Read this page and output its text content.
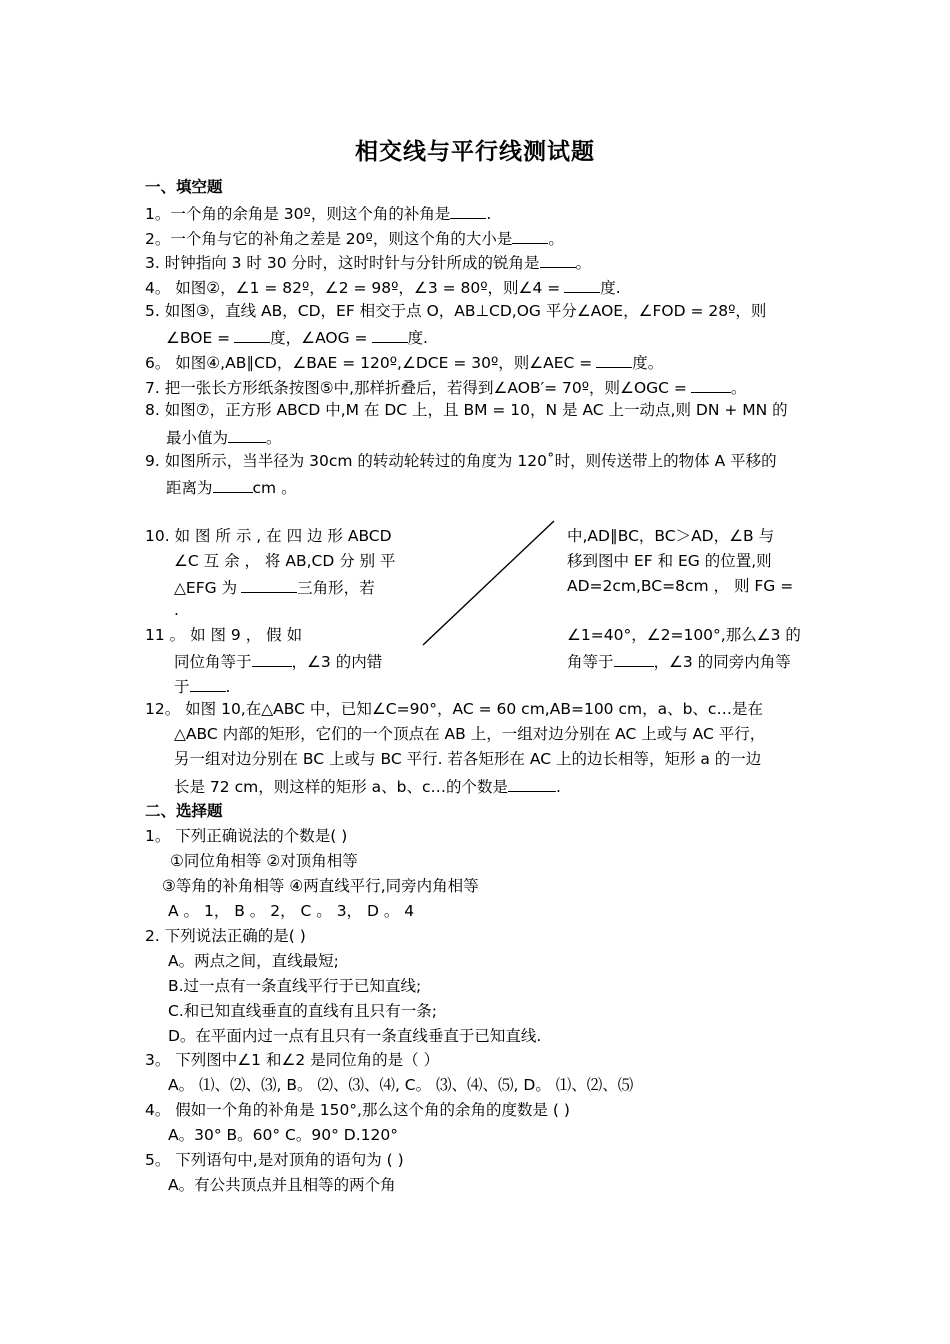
相交线与平行线测试题
一、填空题
1。一个角的余角是 30º，则这个角的补角是 .
2。一个角与它的补角之差是 20º，则这个角的大小是 。
3. 时钟指向 3 时 30 分时，这时时针与分针所成的锐角是 。
4。 如图②，∠1 = 82º，∠2 = 98º，∠3 = 80º，则∠4 =	度.
5. 如图③，直线 AB，CD，EF 相交于点 O，AB⊥CD,OG 平分∠AOE，∠FOD = 28º，则
∠BOE =	度，∠AOG =	度.
6。 如图④,AB∥CD，∠BAE = 120º,∠DCE = 30º，则∠AEC =	度。
7. 把一张长方形纸条按图⑤中,那样折叠后，若得到∠AOB′= 70º，则∠OGC =	。
8. 如图⑦，正方形 ABCD 中,M 在 DC 上，且 BM = 10，N 是 AC 上一动点,则 DN + MN 的
最小值为 。
9. 如图所示，当半径为 30cm 的转动轮转过的角度为 120˚时，则传送带上的物体 A 平移的
距离为	cm 。
10. 如 图 所 示 , 在 四 边 形 ABCD
∠C 互 余 ， 将 AB,CD 分 别 平
△EFG 为	三角形，若
.
11 。 如 图 9 ， 假 如
同位角等于	，∠3 的内错
于 .
中,AD∥BC，BC＞AD，∠B 与
移到图中 EF 和 EG 的位置,则
AD=2cm,BC=8cm ， 则 FG =
∠1=40°，∠2=100°,那么∠3 的
角等于	，∠3 的同旁内角等
12。 如图 10,在△ABC 中，已知∠C=90°，AC = 60 cm,AB=100 cm，a、b、c…是在
△ABC 内部的矩形，它们的一个顶点在 AB 上，一组对边分别在 AC 上或与 AC 平行，
另一组对边分别在 BC 上或与 BC 平行. 若各矩形在 AC 上的边长相等，矩形 a 的一边
长是 72 cm，则这样的矩形 a、b、c…的个数是	.
二、选择题
1。 下列正确说法的个数是( )
①同位角相等 ②对顶角相等
③等角的补角相等 ④两直线平行,同旁内角相等
A 。 1， B 。 2， C 。 3， D 。 4
2. 下列说法正确的是( )
A。两点之间，直线最短;
B.过一点有一条直线平行于已知直线;
C.和已知直线垂直的直线有且只有一条;
D。在平面内过一点有且只有一条直线垂直于已知直线.
3。 下列图中∠1 和∠2 是同位角的是（ ）
A。 ⑴、⑵、⑶, B。 ⑵、⑶、⑷, C。 ⑶、⑷、⑸, D。 ⑴、⑵、⑸
4。 假如一个角的补角是 150°,那么这个角的余角的度数是 ( )
A。30° B。60° C。90° D.120°
5。 下列语句中,是对顶角的语句为 ( )
A。有公共顶点并且相等的两个角
